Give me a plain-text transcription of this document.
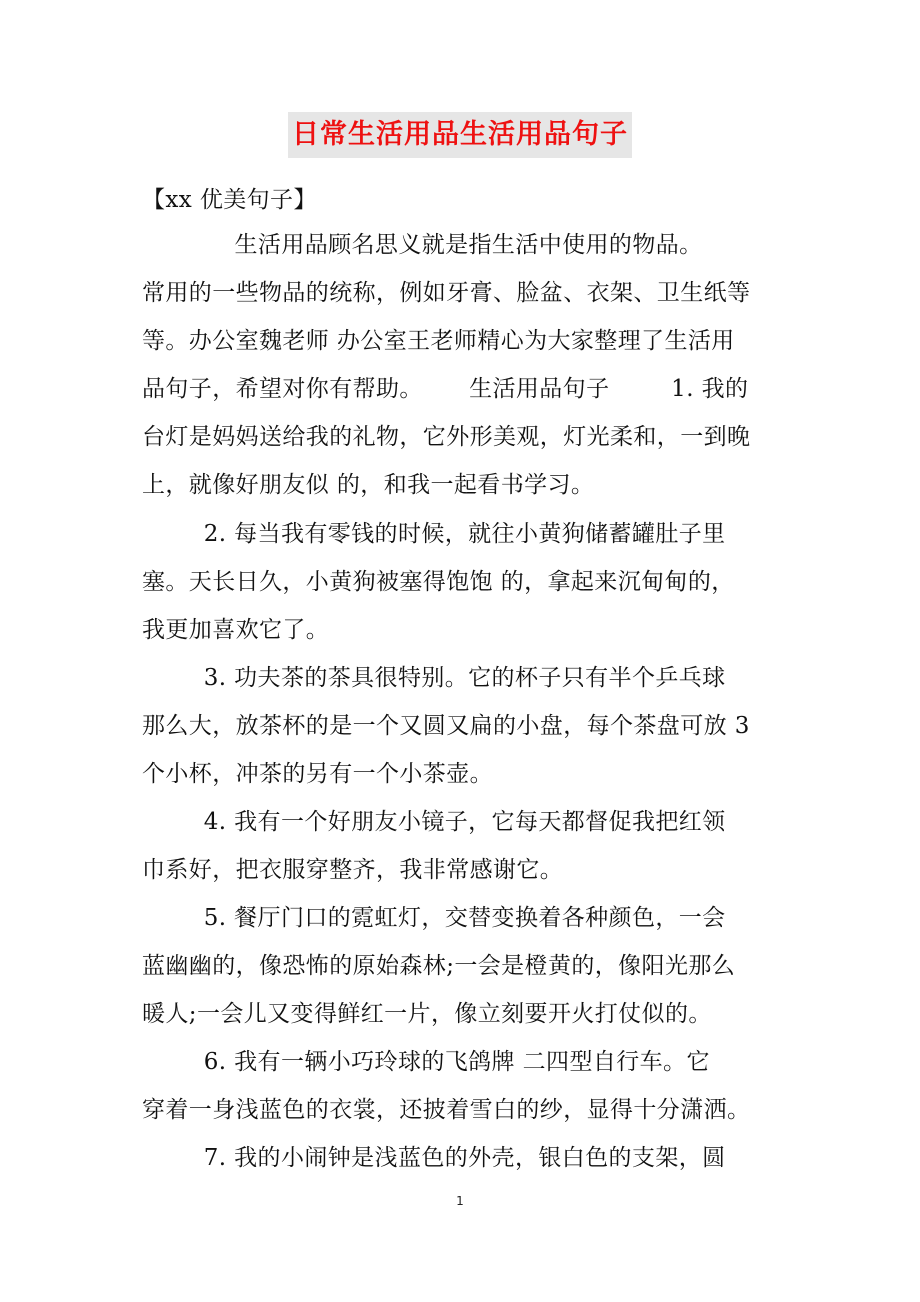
日常生活用品生活用品句子
【xx 优美句子】
生活用品顾名思义就是指生活中使用的物品。
常用的一些物品的统称，例如牙膏、脸盆、衣架、卫生纸等
等。办公室魏老师 办公室王老师精心为大家整理了生活用
品句子，希望对你有帮助。      生活用品句子        1. 我的
台灯是妈妈送给我的礼物，它外形美观，灯光柔和，一到晚
上，就像好朋友似 的，和我一起看书学习。
2. 每当我有零钱的时候，就往小黄狗储蓄罐肚子里
塞。天长日久，小黄狗被塞得饱饱 的，拿起来沉甸甸的，
我更加喜欢它了。
3. 功夫茶的茶具很特别。它的杯子只有半个乒乓球
那么大，放茶杯的是一个又圆又扁的小盘，每个茶盘可放 3
个小杯，冲茶的另有一个小茶壶。
4. 我有一个好朋友小镜子，它每天都督促我把红领
巾系好，把衣服穿整齐，我非常感谢它。
5. 餐厅门口的霓虹灯，交替变换着各种颜色，一会
蓝幽幽的，像恐怖的原始森林;一会是橙黄的，像阳光那么
暖人;一会儿又变得鲜红一片，像立刻要开火打仗似的。
6. 我有一辆小巧玲球的飞鸽牌 二四型自行车。它
穿着一身浅蓝色的衣裳，还披着雪白的纱，显得十分潇洒。
7. 我的小闹钟是浅蓝色的外壳，银白色的支架，圆
1
